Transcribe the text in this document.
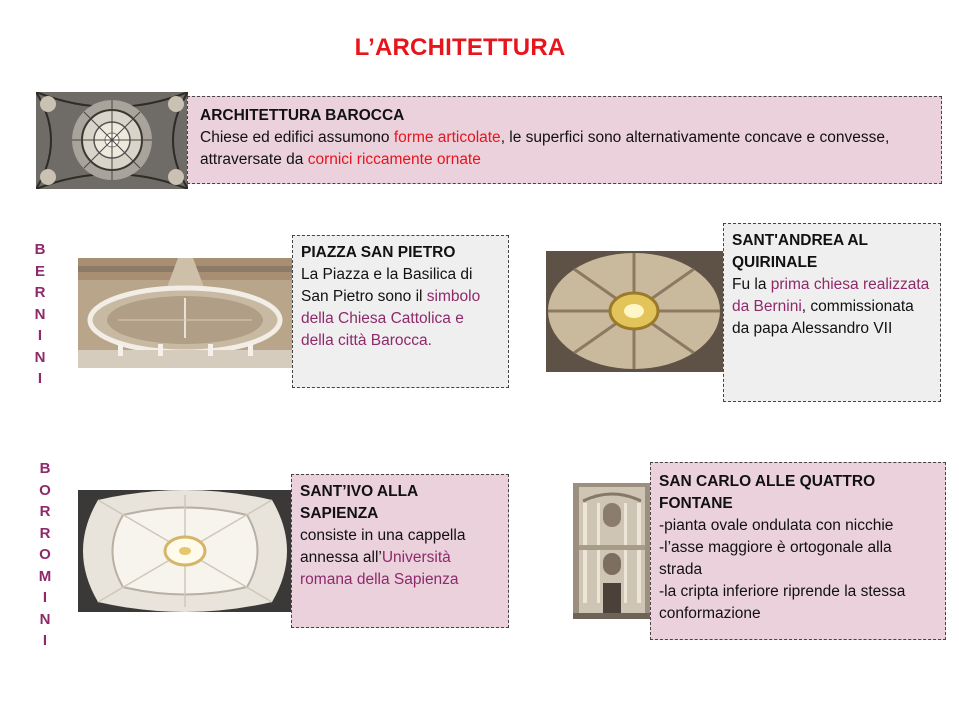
L’ARCHITETTURA
ARCHITETTURA BAROCCA
Chiese ed edifici assumono forme articolate, le superfici sono alternativamente concave e convesse, attraversate da cornici riccamente ornate
B
E
R
N
I
N
I
PIAZZA SAN PIETRO
La Piazza e la Basilica di San Pietro sono il simbolo della Chiesa Cattolica e della città Barocca.
SANT'ANDREA AL QUIRINALE
Fu la prima chiesa realizzata da Bernini, commissionata da papa Alessandro VII
B
O
R
R
O
M
I
N
I
SANT’IVO ALLA SAPIENZA
consiste in una cappella annessa all’Università romana della Sapienza
SAN CARLO ALLE QUATTRO FONTANE
-pianta ovale ondulata con nicchie
-l’asse maggiore è ortogonale alla strada
-la cripta inferiore riprende la stessa conformazione
